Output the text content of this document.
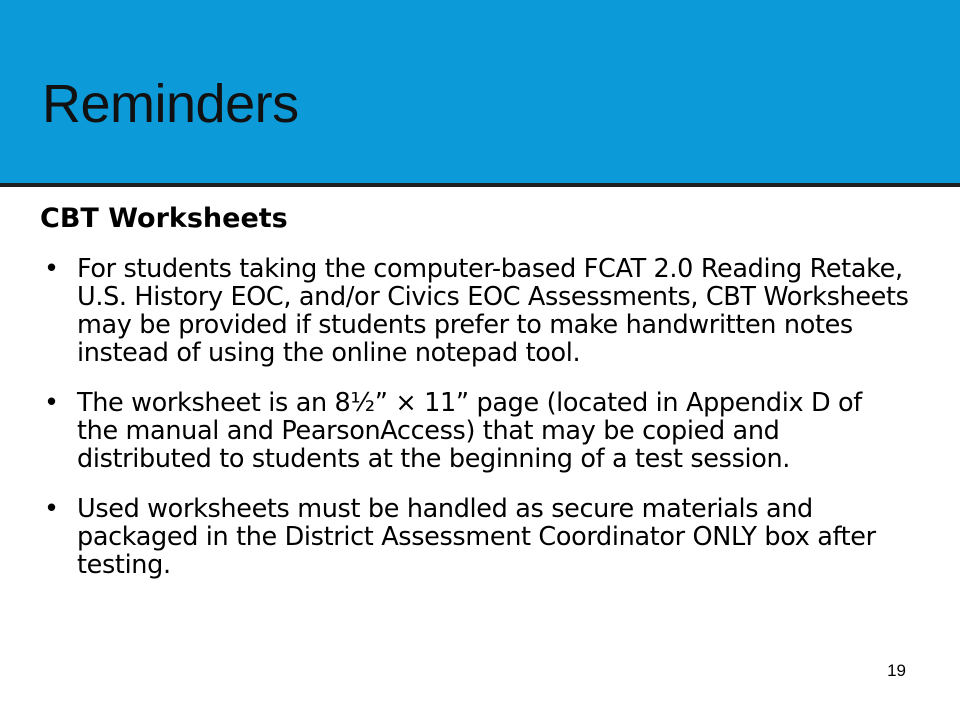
Reminders
CBT Worksheets
• For students taking the computer-based FCAT 2.0 Reading Retake, U.S. History EOC, and/or Civics EOC Assessments, CBT Worksheets may be provided if students prefer to make handwritten notes instead of using the online notepad tool.
• The worksheet is an 8½” × 11” page (located in Appendix D of the manual and PearsonAccess) that may be copied and distributed to students at the beginning of a test session.
• Used worksheets must be handled as secure materials and packaged in the District Assessment Coordinator ONLY box after testing.
19
